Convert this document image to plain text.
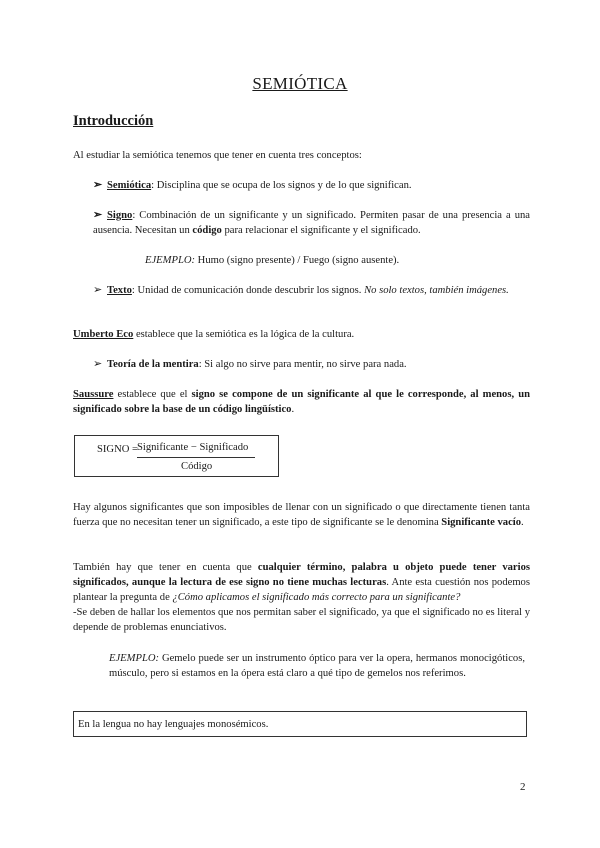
SEMIÓTICA
Introducción
Al estudiar la semiótica tenemos que tener en cuenta tres conceptos:
➢ Semiótica: Disciplina que se ocupa de los signos y de lo que significan.
➢ Signo: Combinación de un significante y un significado. Permiten pasar de una presencia a una ausencia. Necesitan un código para relacionar el significante y el significado.
EJEMPLO: Humo (signo presente) / Fuego (signo ausente).
➢ Texto: Unidad de comunicación donde descubrir los signos. No solo textos, también imágenes.
Umberto Eco establece que la semiótica es la lógica de la cultura.
➢ Teoría de la mentira: Si algo no sirve para mentir, no sirve para nada.
Saussure establece que el signo se compone de un significante al que le corresponde, al menos, un significado sobre la base de un código lingüístico.
SIGNO = Significante − Significado
Código
Hay algunos significantes que son imposibles de llenar con un significado o que directamente tienen tanta fuerza que no necesitan tener un significado, a este tipo de significante se le denomina Significante vacío.
También hay que tener en cuenta que cualquier término, palabra u objeto puede tener varios significados, aunque la lectura de ese signo no tiene muchas lecturas. Ante esta cuestión nos podemos plantear la pregunta de ¿Cómo aplicamos el significado más correcto para un significante?
-Se deben de hallar los elementos que nos permitan saber el significado, ya que el significado no es literal y depende de problemas enunciativos.
EJEMPLO: Gemelo puede ser un instrumento óptico para ver la opera, hermanos monocigóticos, músculo, pero si estamos en la ópera está claro a qué tipo de gemelos nos referimos.
En la lengua no hay lenguajes monosémicos.
2
